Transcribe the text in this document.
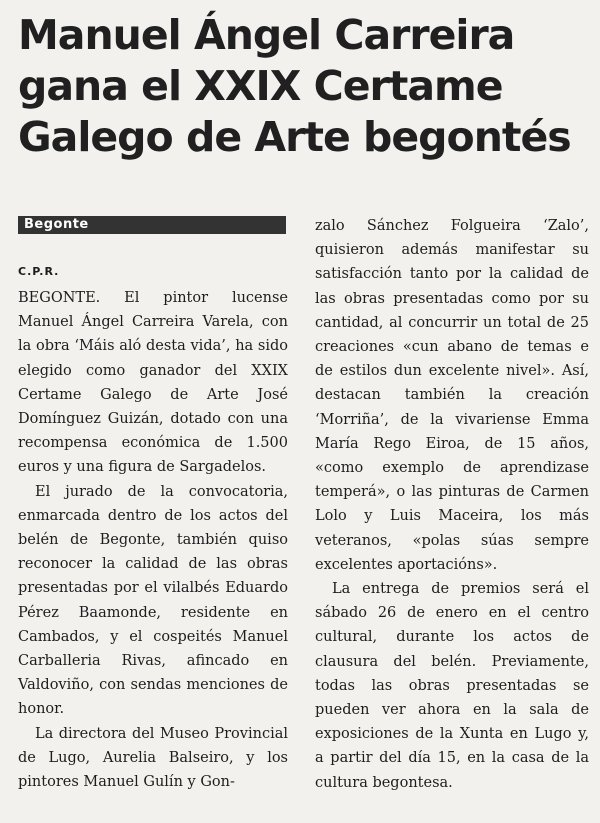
Manuel Ángel Carreira
gana el XXIX Certame
Galego de Arte begontés
Begonte
C.P.R.

BEGONTE. El pintor lucense Manuel Ángel Carreira Varela, con la obra ‘Máis aló desta vida’, ha sido elegido como ganador del XXIX Certame Galego de Arte José Domínguez Guizán, dotado con una recompensa económica de 1.500 euros y una figura de Sargadelos.

El jurado de la convocatoria, enmarcada dentro de los actos del belén de Begonte, también quiso reconocer la calidad de las obras presentadas por el vilalbés Eduardo Pérez Baamonde, residente en Cambados, y el cospeités Manuel Carballeria Rivas, afincado en Valdoviño, con sendas menciones de honor.

La directora del Museo Provincial de Lugo, Aurelia Balseiro, y los pintores Manuel Gulín y Gon-

zalo Sánchez Folgueira ‘Zalo’, quisieron además manifestar su satisfacción tanto por la calidad de las obras presentadas como por su cantidad, al concurrir un total de 25 creaciones «cun abano de temas e de estilos dun excelente nivel». Así, destacan también la creación ‘Morriña’, de la vivariense Emma María Rego Eiroa, de 15 años, «como exemplo de aprendizase temperá», o las pinturas de Carmen Lolo y Luis Maceira, los más veteranos, «polas súas sempre excelentes aportacións».

La entrega de premios será el sábado 26 de enero en el centro cultural, durante los actos de clausura del belén. Previamente, todas las obras presentadas se pueden ver ahora en la sala de exposiciones de la Xunta en Lugo y, a partir del día 15, en la casa de la cultura begontesa.
